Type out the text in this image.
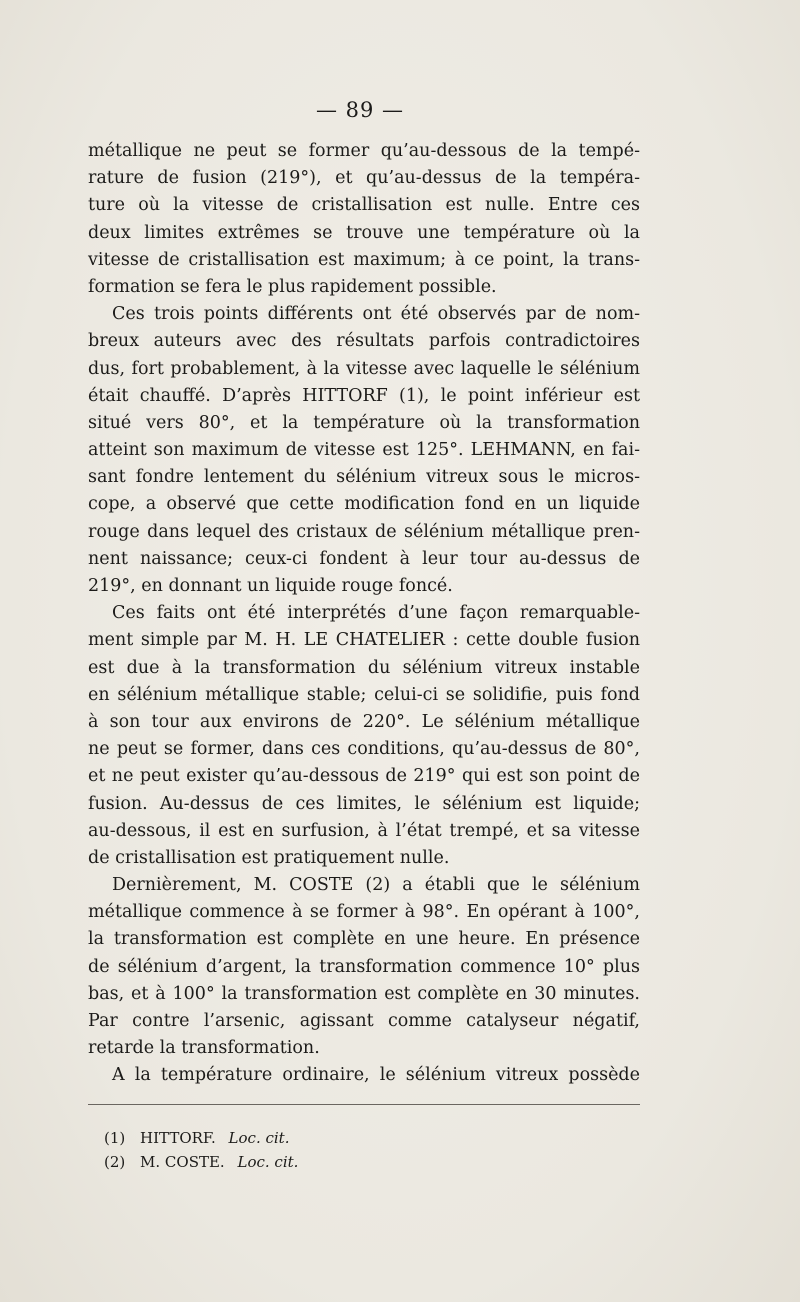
— 89 —
métallique ne peut se former qu’au-dessous de la tempé-
rature de fusion (219°), et qu’au-dessus de la tempéra-
ture où la vitesse de cristallisation est nulle. Entre ces
deux limites extrêmes se trouve une température où la
vitesse de cristallisation est maximum; à ce point, la trans-
formation se fera le plus rapidement possible.
Ces trois points différents ont été observés par de nom-
breux auteurs avec des résultats parfois contradictoires
dus, fort probablement, à la vitesse avec laquelle le sélénium
était chauffé. D’après HITTORF (1), le point inférieur est
situé vers 80°, et la température où la transformation
atteint son maximum de vitesse est 125°. LEHMANN, en fai-
sant fondre lentement du sélénium vitreux sous le micros-
cope, a observé que cette modification fond en un liquide
rouge dans lequel des cristaux de sélénium métallique pren-
nent naissance; ceux-ci fondent à leur tour au-dessus de
219°, en donnant un liquide rouge foncé.
Ces faits ont été interprétés d’une façon remarquable-
ment simple par M. H. LE CHATELIER : cette double fusion
est due à la transformation du sélénium vitreux instable
en sélénium métallique stable; celui-ci se solidifie, puis fond
à son tour aux environs de 220°. Le sélénium métallique
ne peut se former, dans ces conditions, qu’au-dessus de 80°,
et ne peut exister qu’au-dessous de 219° qui est son point de
fusion. Au-dessus de ces limites, le sélénium est liquide;
au-dessous, il est en surfusion, à l’état trempé, et sa vitesse
de cristallisation est pratiquement nulle.
Dernièrement, M. COSTE (2) a établi que le sélénium
métallique commence à se former à 98°. En opérant à 100°,
la transformation est complète en une heure. En présence
de sélénium d’argent, la transformation commence 10° plus
bas, et à 100° la transformation est complète en 30 minutes.
Par contre l’arsenic, agissant comme catalyseur négatif,
retarde la transformation.
A la température ordinaire, le sélénium vitreux possède
(1) HITTORF. Loc. cit.
(2) M. COSTE. Loc. cit.
